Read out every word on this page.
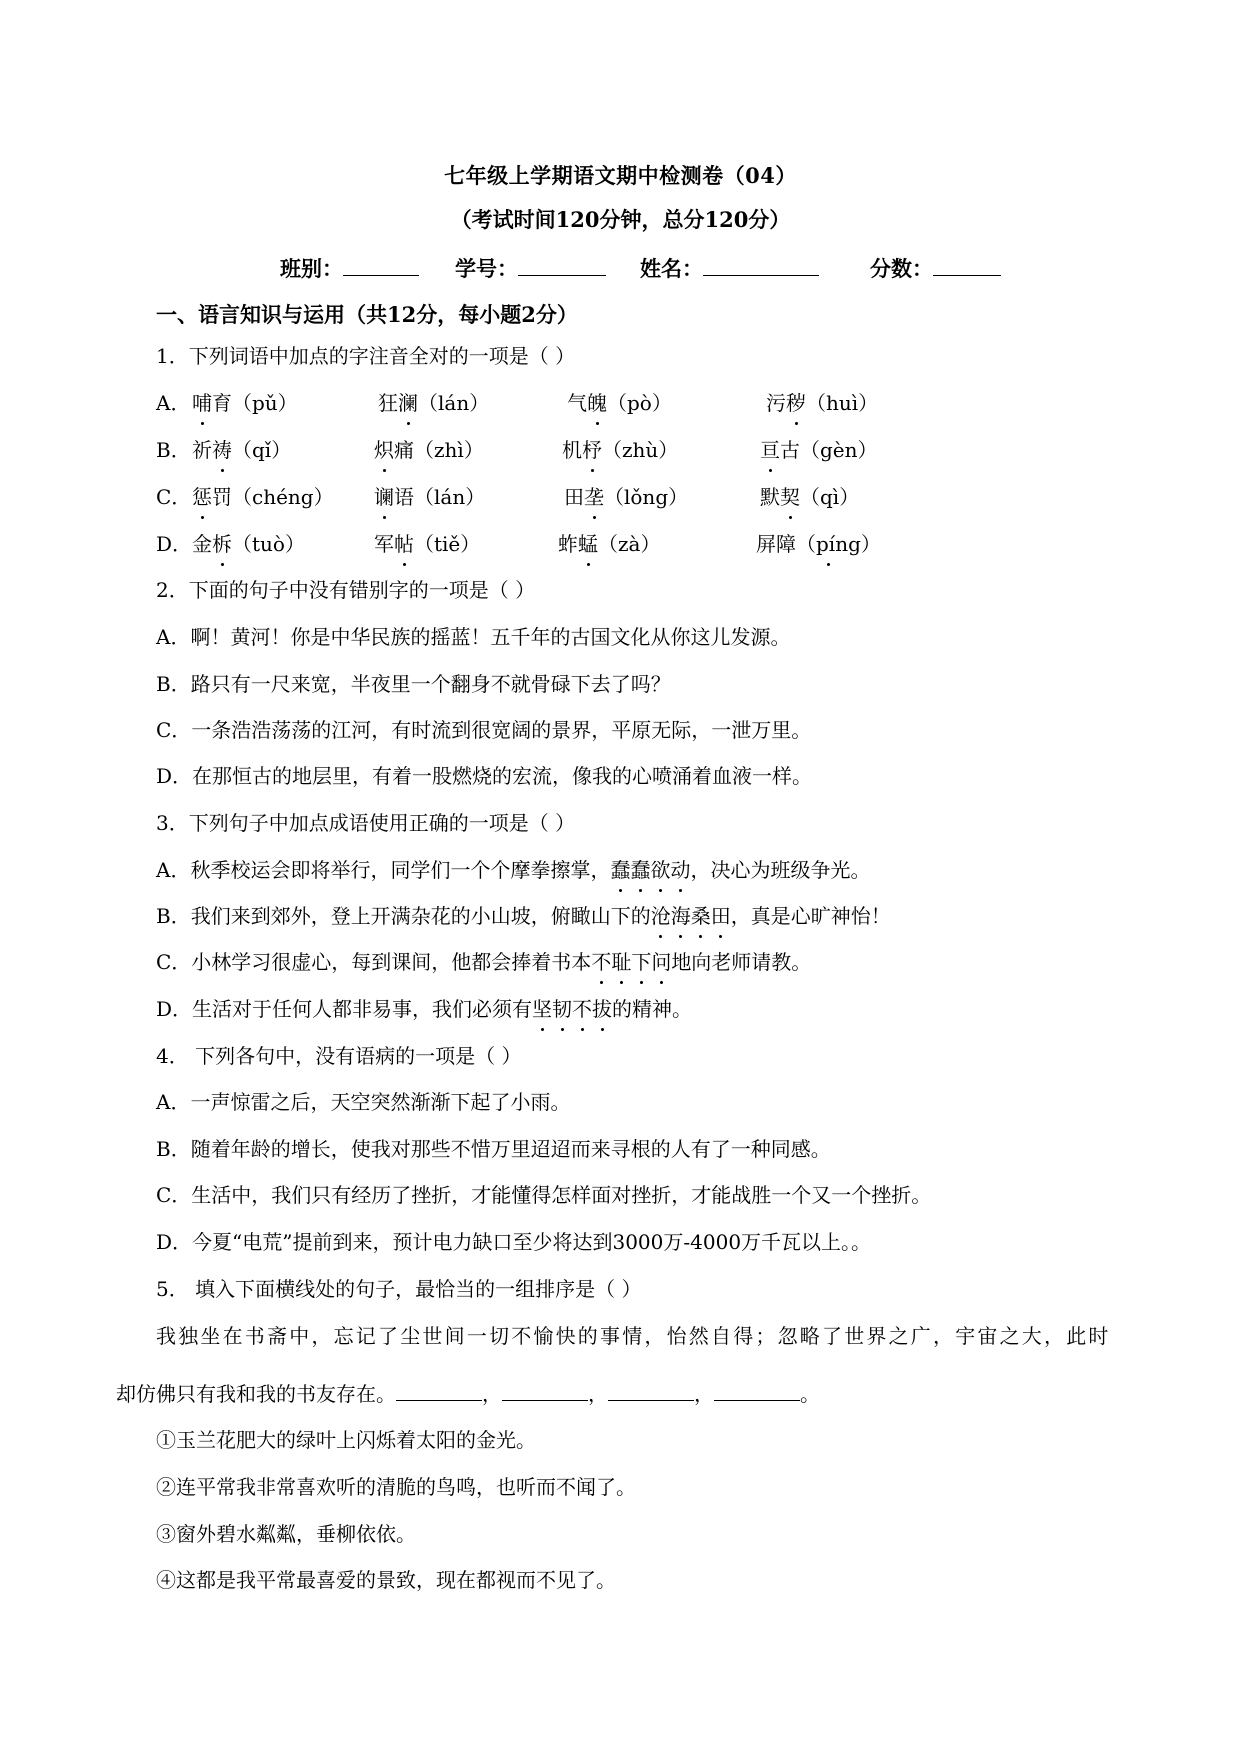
七年级上学期语文期中检测卷（04）
（考试时间120分钟，总分120分）
班别：	学号：	姓名：	分数：
一、语言知识与运用（共12分，每小题2分）
1．下列词语中加点的字注音全对的一项是（ ）
A． 哺育（pǔ）	狂澜（lán）	气魄（pò）	污秽（huì）
B． 祈祷（qǐ）	炽痛（zhì）	机杼（zhù）	亘古（gèn）
C． 惩罚（chéng） 谰语（lán）	田垄（lǒng）	默契（qì）
D． 金柝（tuò）	军帖（tiě）	蚱蜢（zà）	屏障（píng）
2．下面的句子中没有错别字的一项是（ ）
A．啊！黄河！你是中华民族的摇蓝！五千年的古国文化从你这儿发源。
B．路只有一尺来宽，半夜里一个翻身不就骨碌下去了吗？
C．一条浩浩荡荡的江河，有时流到很宽阔的景界，平原无际，一泄万里。
D．在那恒古的地层里，有着一股燃烧的宏流，像我的心喷涌着血液一样。
3．下列句子中加点成语使用正确的一项是（ ）
A．秋季校运会即将举行，同学们一个个摩拳擦掌，蠢蠢欲动，决心为班级争光。
B．我们来到郊外，登上开满杂花的小山坡，俯瞰山下的沧海桑田，真是心旷神怡！
C．小林学习很虚心，每到课间，他都会捧着书本不耻下问地向老师请教。
D．生活对于任何人都非易事，我们必须有坚韧不拔的精神。
4． 下列各句中，没有语病的一项是（ ）
A．一声惊雷之后，天空突然渐渐下起了小雨。
B．随着年龄的增长，使我对那些不惜万里迢迢而来寻根的人有了一种同感。
C．生活中，我们只有经历了挫折，才能懂得怎样面对挫折，才能战胜一个又一个挫折。
D．今夏“电荒”提前到来，预计电力缺口至少将达到3000万-4000万千瓦以上。。
5． 填入下面横线处的句子，最恰当的一组排序是（ ）
我独坐在书斋中，忘记了尘世间一切不愉快的事情，怡然自得；忽略了世界之广，宇宙之大，此时
却仿佛只有我和我的书友存在。	，	，	，	。
①玉兰花肥大的绿叶上闪烁着太阳的金光。
②连平常我非常喜欢听的清脆的鸟鸣，也听而不闻了。
③窗外碧水粼粼，垂柳依依。
④这都是我平常最喜爱的景致，现在都视而不见了。
